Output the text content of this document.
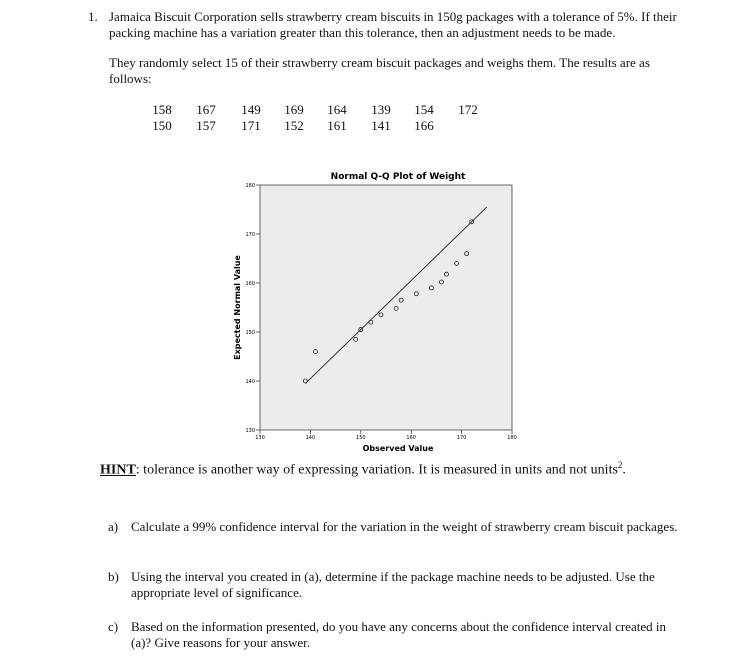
1. Jamaica Biscuit Corporation sells strawberry cream biscuits in 150g packages with a tolerance of 5%. If their packing machine has a variation greater than this tolerance, then an adjustment needs to be made.
They randomly select 15 of their strawberry cream biscuit packages and weighs them. The results are as follows:
158	167	149	169	164	139	154	172
150	157	171	152	161	141	166
Normal Q-Q Plot of Weight
Observed Value
Expected Normal Value
130	140	150	160	170	180
130
140
150
160
170
180
HINT: tolerance is another way of expressing variation. It is measured in units and not units$^2$.
a) Calculate a 99% confidence interval for the variation in the weight of strawberry cream biscuit packages.
b) Using the interval you created in (a), determine if the package machine needs to be adjusted. Use the appropriate level of significance.
c) Based on the information presented, do you have any concerns about the confidence interval created in (a)? Give reasons for your answer.
